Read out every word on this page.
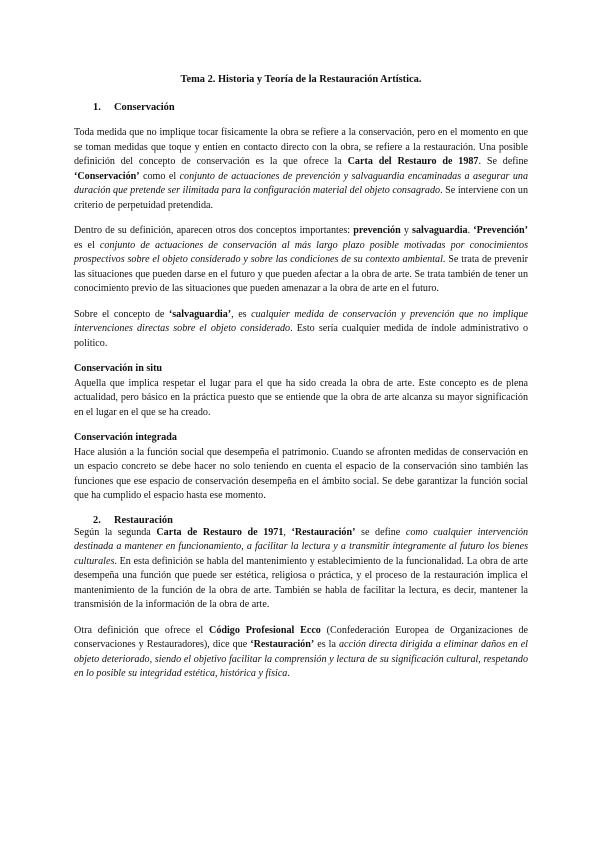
Tema 2. Historia y Teoría de la Restauración Artística.
1. Conservación

Toda medida que no implique tocar físicamente la obra se refiere a la conservación, pero en el momento en que se toman medidas que toque y entien en contacto directo con la obra, se refiere a la restauración. Una posible definición del concepto de conservación es la que ofrece la Carta del Restauro de 1987. Se define ‘Conservación’ como el conjunto de actuaciones de prevención y salvaguardia encaminadas a asegurar una duración que pretende ser ilimitada para la configuración material del objeto consagrado. Se interviene con un criterio de perpetuidad pretendida.

Dentro de su definición, aparecen otros dos conceptos importantes: prevención y salvaguardia. ‘Prevención’ es el conjunto de actuaciones de conservación al más largo plazo posible motivadas por conocimientos prospectivos sobre el objeto considerado y sobre las condiciones de su contexto ambiental. Se trata de prevenir las situaciones que pueden darse en el futuro y que pueden afectar a la obra de arte. Se trata también de tener un conocimiento previo de las situaciones que pueden amenazar a la obra de arte en el futuro.

Sobre el concepto de ‘salvaguardia’, es cualquier medida de conservación y prevención que no implique intervenciones directas sobre el objeto considerado. Esto sería cualquier medida de índole administrativo o político.

Conservación in situ

Aquella que implica respetar el lugar para el que ha sido creada la obra de arte. Este concepto es de plena actualidad, pero básico en la práctica puesto que se entiende que la obra de arte alcanza su mayor significación en el lugar en el que se ha creado.

Conservación integrada

Hace alusión a la función social que desempeña el patrimonio. Cuando se afronten medidas de conservación en un espacio concreto se debe hacer no solo teniendo en cuenta el espacio de la conservación sino también las funciones que ese espacio de conservación desempeña en el ámbito social. Se debe garantizar la función social que ha cumplido el espacio hasta ese momento.

2. Restauración

Según la segunda Carta de Restauro de 1971, ‘Restauración’ se define como cualquier intervención destinada a mantener en funcionamiento, a facilitar la lectura y a transmitir íntegramente al futuro los bienes culturales. En esta definición se habla del mantenimiento y establecimiento de la funcionalidad. La obra de arte desempeña una función que puede ser estética, religiosa o práctica, y el proceso de la restauración implica el mantenimiento de la función de la obra de arte. También se habla de facilitar la lectura, es decir, mantener la transmisión de la información de la obra de arte.

Otra definición que ofrece el Código Profesional Ecco (Confederación Europea de Organizaciones de conservaciones y Restauradores), dice que ‘Restauración’ es la acción directa dirigida a eliminar daños en el objeto deteriorado, siendo el objetivo facilitar la comprensión y lectura de su significación cultural, respetando en lo posible su integridad estética, histórica y física.
